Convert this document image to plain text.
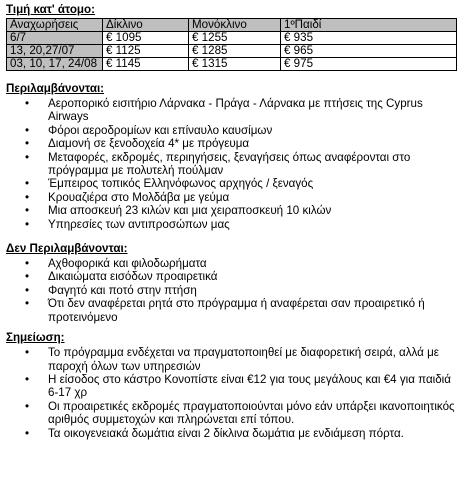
Τιμή κατ' άτομο:
Αναχωρήσεις	Δίκλινο	Μονόκλινο	1ºΠαιδί
6/7	€ 1095	€ 1255	€ 935
13, 20,27/07	€ 1125	€ 1285	€ 965
03, 10, 17, 24/08	€ 1145	€ 1315	€ 975
Περιλαμβάνονται:
• Αεροπορικό εισιτήριο Λάρνακα - Πράγα - Λάρνακα με πτήσεις της Cyprus Airways
• Φόροι αεροδρομίων και επίναυλο καυσίμων
• Διαμονή σε ξενοδοχεία 4* με πρόγευμα
• Μεταφορές, εκδρομές, περιηγήσεις, ξεναγήσεις όπως αναφέρονται στο πρόγραμμα με πολυτελή πούλμαν
• Έμπειρος τοπικός Ελληνόφωνος αρχηγός / ξεναγός
• Κρουαζιέρα στο Μολδάβα με γεύμα
• Μια αποσκευή 23 κιλών και μια χειραποσκευή 10 κιλών
• Υπηρεσίες των αντιπροσώπων μας
Δεν Περιλαμβάνονται:
• Αχθοφορικά και φιλοδωρήματα
• Δικαιώματα εισόδων προαιρετικά
• Φαγητό και ποτό στην πτήση
• Ότι δεν αναφέρεται ρητά στο πρόγραμμα ή αναφέρεται σαν προαιρετικό ή προτεινόμενο
Σημείωση:
• Το πρόγραμμα ενδέχεται να πραγματοποιηθεί με διαφορετική σειρά, αλλά με παροχή όλων των υπηρεσιών
• Η είσοδος στο κάστρο Κονοπίστε είναι €12 για τους μεγάλους και €4 για παιδιά 6-17 χρ
• Οι προαιρετικές εκδρομές πραγματοποιούνται μόνο εάν υπάρξει ικανοποιητικός αριθμός συμμετοχών και πληρώνεται επί τόπου.
• Τα οικογενειακά δωμάτια είναι 2 δίκλινα δωμάτια με ενδιάμεση πόρτα.
